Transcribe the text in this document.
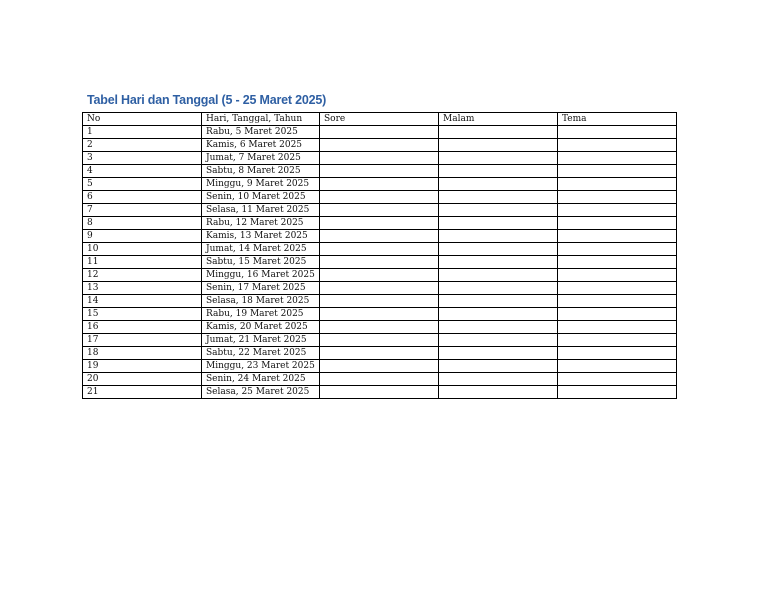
Tabel Hari dan Tanggal (5 - 25 Maret 2025)
No	Hari, Tanggal, Tahun	Sore	Malam	Tema
1	Rabu, 5 Maret 2025			
2	Kamis, 6 Maret 2025			
3	Jumat, 7 Maret 2025			
4	Sabtu, 8 Maret 2025			
5	Minggu, 9 Maret 2025			
6	Senin, 10 Maret 2025			
7	Selasa, 11 Maret 2025			
8	Rabu, 12 Maret 2025			
9	Kamis, 13 Maret 2025			
10	Jumat, 14 Maret 2025			
11	Sabtu, 15 Maret 2025			
12	Minggu, 16 Maret 2025			
13	Senin, 17 Maret 2025			
14	Selasa, 18 Maret 2025			
15	Rabu, 19 Maret 2025			
16	Kamis, 20 Maret 2025			
17	Jumat, 21 Maret 2025			
18	Sabtu, 22 Maret 2025			
19	Minggu, 23 Maret 2025			
20	Senin, 24 Maret 2025			
21	Selasa, 25 Maret 2025			
